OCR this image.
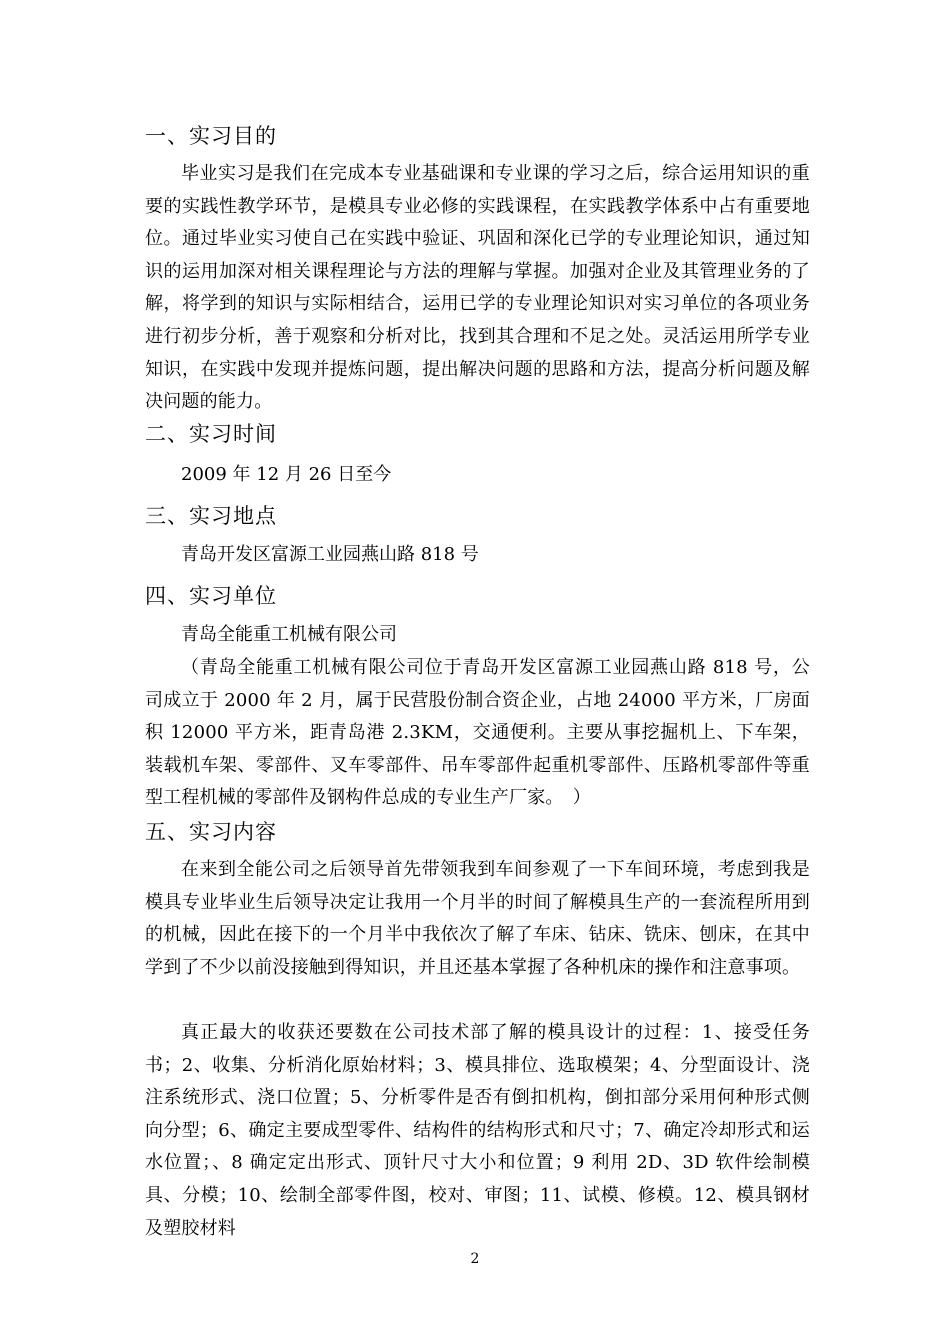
一、实习目的

毕业实习是我们在完成本专业基础课和专业课的学习之后，综合运用知识的重要的实践性教学环节，是模具专业必修的实践课程，在实践教学体系中占有重要地位。通过毕业实习使自己在实践中验证、巩固和深化已学的专业理论知识，通过知识的运用加深对相关课程理论与方法的理解与掌握。加强对企业及其管理业务的了解，将学到的知识与实际相结合，运用已学的专业理论知识对实习单位的各项业务进行初步分析，善于观察和分析对比，找到其合理和不足之处。灵活运用所学专业知识，在实践中发现并提炼问题，提出解决问题的思路和方法，提高分析问题及解决问题的能力。

二、实习时间
2009 年 12 月 26 日至今
三、实习地点
青岛开发区富源工业园燕山路 818 号
四、实习单位
青岛全能重工机械有限公司

（青岛全能重工机械有限公司位于青岛开发区富源工业园燕山路 818 号，公司成立于 2000 年 2 月，属于民营股份制合资企业，占地 24000 平方米，厂房面积 12000 平方米，距青岛港 2.3KM，交通便利。主要从事挖掘机上、下车架，装载机车架、零部件、叉车零部件、吊车零部件起重机零部件、压路机零部件等重型工程机械的零部件及钢构件总成的专业生产厂家。　）

五、实习内容

在来到全能公司之后领导首先带领我到车间参观了一下车间环境，考虑到我是模具专业毕业生后领导决定让我用一个月半的时间了解模具生产的一套流程所用到的机械，因此在接下的一个月半中我依次了解了车床、钻床、铣床、刨床，在其中学到了不少以前没接触到得知识，并且还基本掌握了各种机床的操作和注意事项。

真正最大的收获还要数在公司技术部了解的模具设计的过程：1、接受任务书；2、收集、分析消化原始材料；3、模具排位、选取模架；4、分型面设计、浇注系统形式、浇口位置；5、分析零件是否有倒扣机构，倒扣部分采用何种形式侧向分型；6、确定主要成型零件、结构件的结构形式和尺寸；7、确定冷却形式和运水位置；、8 确定定出形式、顶针尺寸大小和位置；9 利用 2D、3D 软件绘制模具、分模；10、绘制全部零件图，校对、审图；11、试模、修模。12、模具钢材及塑胶材料

2
